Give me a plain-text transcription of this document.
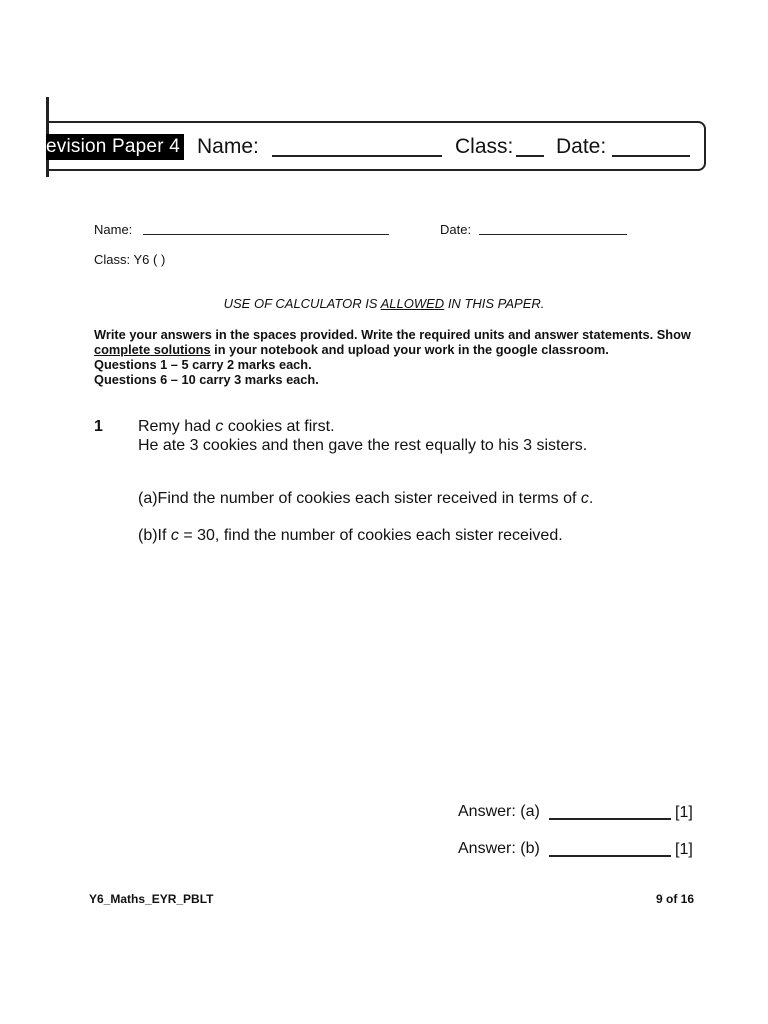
evision Paper 4 Name:	Class: Date:
Name:	Date:
Class: Y6 ( )
USE OF CALCULATOR IS ALLOWED IN THIS PAPER.
Write your answers in the spaces provided. Write the required units and answer statements. Show complete solutions in your notebook and upload your work in the google classroom.
Questions 1 – 5 carry 2 marks each.
Questions 6 – 10 carry 3 marks each.
1 Remy had c cookies at first.
He ate 3 cookies and then gave the rest equally to his 3 sisters.
(a)Find the number of cookies each sister received in terms of c.
(b)If c = 30, find the number of cookies each sister received.
Answer: (a)	[1]
Answer: (b)	[1]
Y6_Maths_EYR_PBLT	9 of 16
